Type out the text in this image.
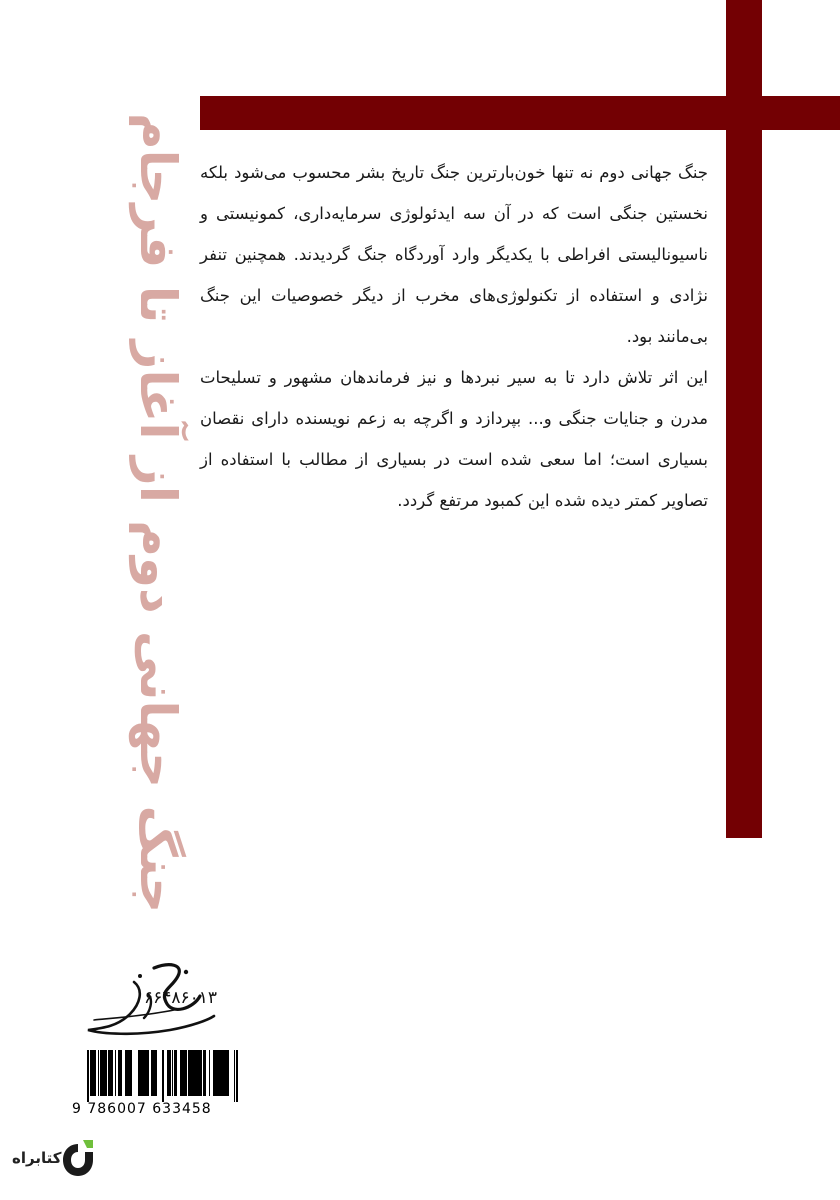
جنگ جهانی دوم از آغاز تا فرجام جنگ جهانی دوم نه تنها خون‌بارترین جنگ تاریخ بشر محسوب می‌شود بلکه نخستین جنگی است که در آن سه ایدئولوژی سرمایه‌داری، کمونیستی و ناسیونالیستی افراطی با یکدیگر وارد آوردگاه جنگ گردیدند. همچنین تنفر نژادی و استفاده از تکنولوژی‌های مخرب از دیگر خصوصیات این جنگ بی‌مانند بود.

این اثر تلاش دارد تا به سیر نبردها و نیز فرماندهان مشهور و تسلیحات مدرن و جنایات جنگی و... بپردازد و اگرچه به زعم نویسنده دارای نقصان بسیاری است؛ اما سعی شده است در بسیاری از مطالب با استفاده از تصاویر کمتر دیده شده این کمبود مرتفع گردد.

۶۶۴۸۶۰۱۳
9 786007 633458
کتابراه
